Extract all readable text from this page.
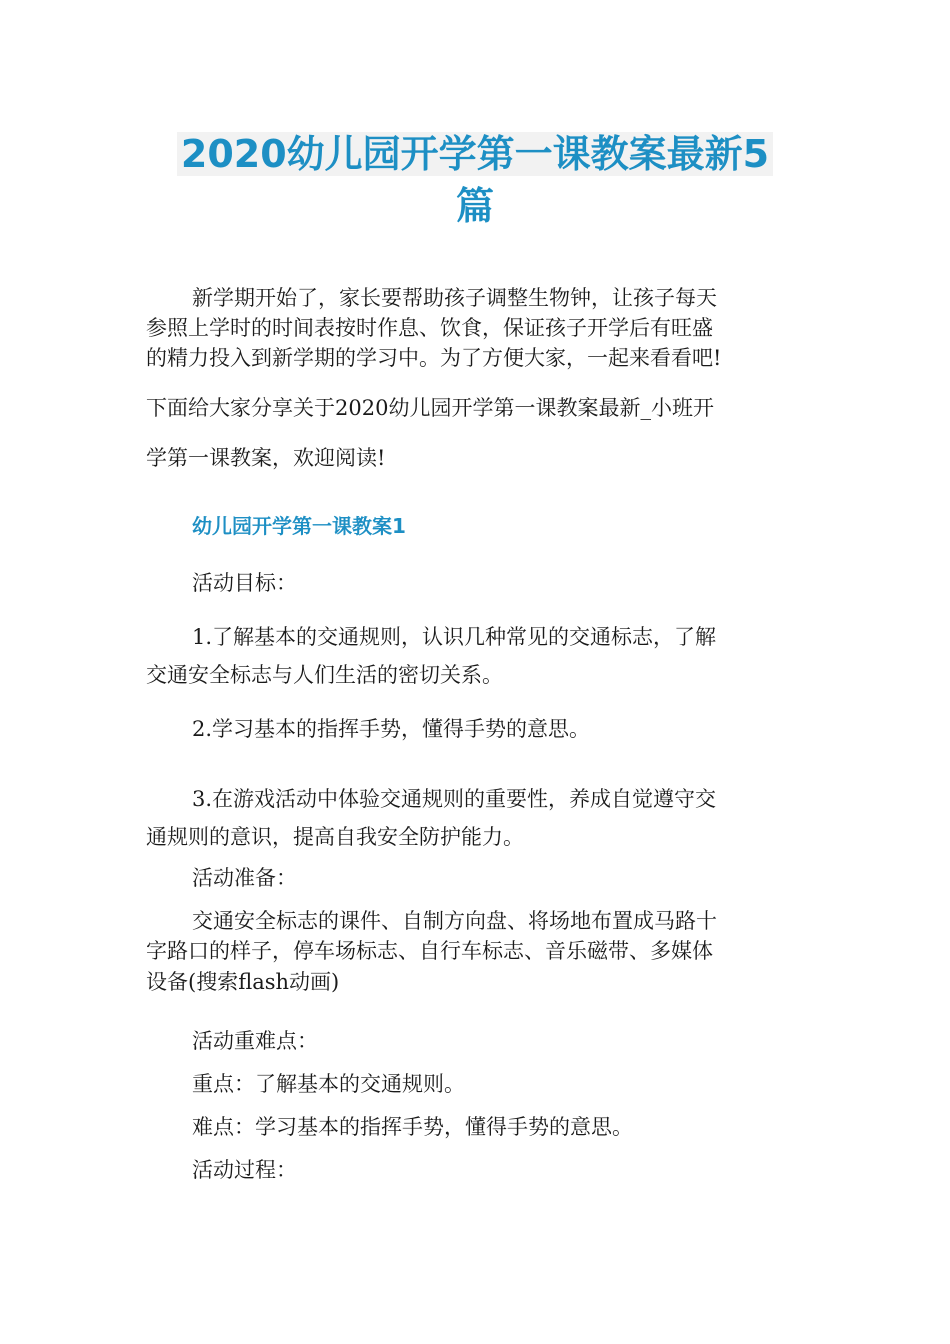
2020幼儿园开学第一课教案最新5
篇
新学期开始了，家长要帮助孩子调整生物钟，让孩子每天
参照上学时的时间表按时作息、饮食，保证孩子开学后有旺盛
的精力投入到新学期的学习中。为了方便大家，一起来看看吧!
下面给大家分享关于2020幼儿园开学第一课教案最新_小班开
学第一课教案，欢迎阅读!
幼儿园开学第一课教案1
活动目标：
1.了解基本的交通规则，认识几种常见的交通标志，了解
交通安全标志与人们生活的密切关系。
2.学习基本的指挥手势，懂得手势的意思。
3.在游戏活动中体验交通规则的重要性，养成自觉遵守交
通规则的意识，提高自我安全防护能力。
活动准备：
交通安全标志的课件、自制方向盘、将场地布置成马路十
字路口的样子，停车场标志、自行车标志、音乐磁带、多媒体
设备(搜索flash动画)
活动重难点：
重点：了解基本的交通规则。
难点：学习基本的指挥手势，懂得手势的意思。
活动过程：
